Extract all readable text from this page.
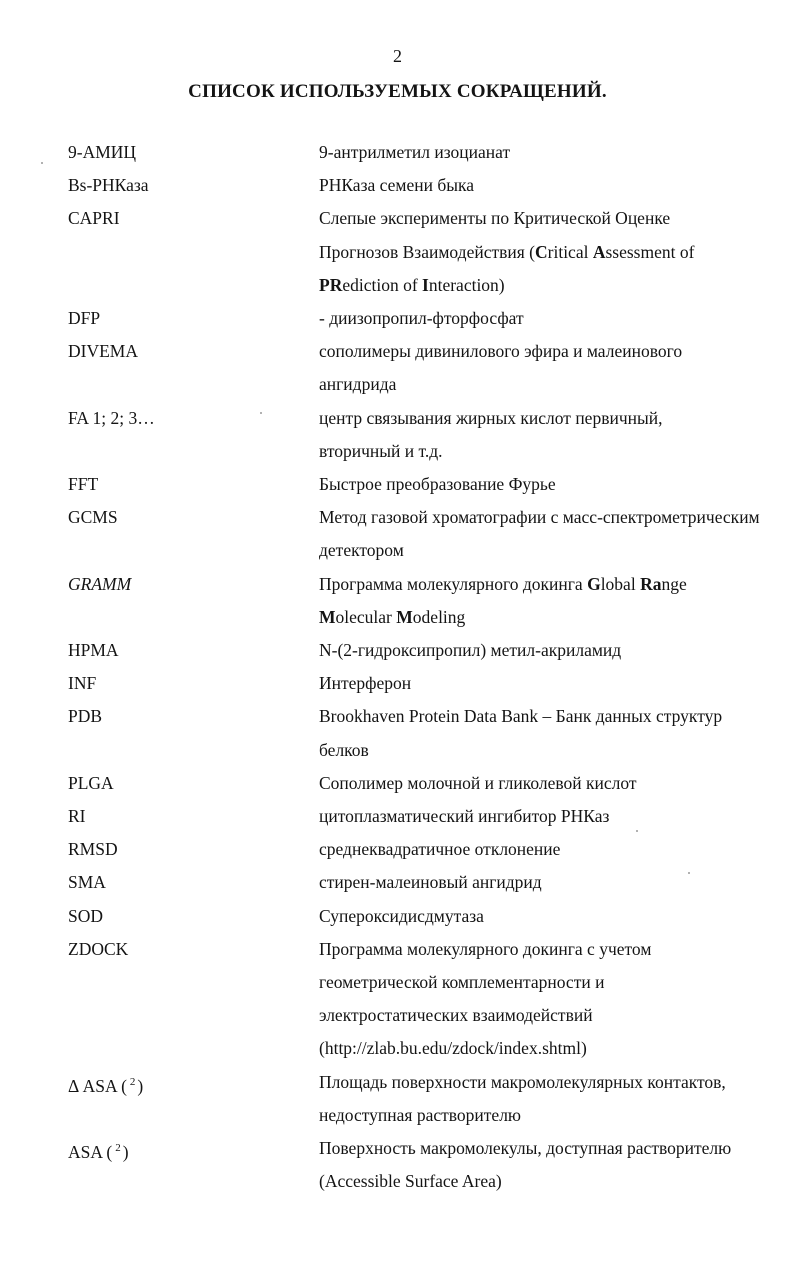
2
СПИСОК ИСПОЛЬЗУЕМЫХ СОКРАЩЕНИЙ.
9-АМИЦ	9-антрилметил изоцианат
Bs-РНКаза	РНКаза семени быка
CAPRI	Слепые эксперименты по Критической Оценке
Прогнозов Взаимодействия (Critical Assessment of
PRediction of Interaction)
DFP	- диизопропил-фторфосфат
DIVEMA	сополимеры дивинилового эфира и малеинового
ангидрида
FA 1; 2; 3…	центр связывания жирных кислот первичный,
вторичный и т.д.
FFT	Быстрое преобразование Фурье
GCMS	Метод газовой хроматографии с масс-спектрометрическим
детектором
GRAMM	Программа молекулярного докинга Global Range
Molecular Modeling
HPMA	N-(2-гидроксипропил) метил-акриламид
INF	Интерферон
PDB	Brookhaven Protein Data Bank – Банк данных структур
белков
PLGA	Сополимер молочной и гликолевой кислот
RI	цитоплазматический ингибитор РНКаз
RMSD	среднеквадратичное отклонение
SMA	стирен-малеиновый ангидрид
SOD	Супероксидисдмутаза
ZDOCK	Программа молекулярного докинга с учетом
геометрической комплементарности и
электростатических взаимодействий
(http://zlab.bu.edu/zdock/index.shtml)
Δ ASA ( $^2$ )	Площадь поверхности макромолекулярных контактов,
недоступная растворителю
ASA ( $^2$ )	Поверхность макромолекулы, доступная растворителю
(Accessible Surface Area)
